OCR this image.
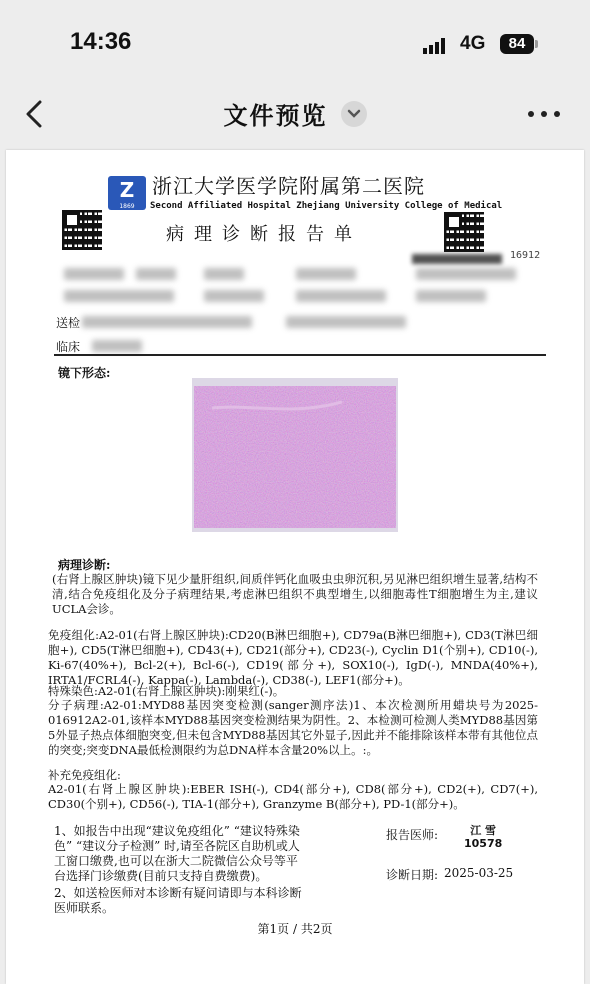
14:36	4G	84
文件预览
Z
1869
浙江大学医学院附属第二医院
Second Affiliated Hospital Zhejiang University College of Medical
病理诊断报告单
16912
送检
临床
镜下形态:
病理诊断:
(右肾上腺区肿块)镜下见少量肝组织,间质伴钙化血吸虫虫卵沉积,另见淋巴组织增生显著,结构不清,结合免疫组化及分子病理结果,考虑淋巴组织不典型增生,以细胞毒性T细胞增生为主,建议UCLA会诊。
免疫组化:A2-01(右肾上腺区肿块):CD20(B淋巴细胞+), CD79a(B淋巴细胞+), CD3(T淋巴细胞+), CD5(T淋巴细胞+), CD43(+), CD21(部分+), CD23(-), Cyclin D1(个别+), CD10(-), Ki-67(40%+), Bcl-2(+), Bcl-6(-), CD19(部分+), SOX10(-), IgD(-), MNDA(40%+), IRTA1/FCRL4(-), Kappa(-), Lambda(-), CD38(-), LEF1(部分+)。
特殊染色:A2-01(右肾上腺区肿块):刚果红(-)。
分子病理:A2-01:MYD88基因突变检测(sanger测序法)1、本次检测所用蜡块号为2025-016912A2-01,该样本MYD88基因突变检测结果为阴性。2、本检测可检测人类MYD88基因第5外显子热点体细胞突变,但未包含MYD88基因其它外显子,因此并不能排除该样本带有其他位点的突变;突变DNA最低检测限约为总DNA样本含量20%以上。:。
补充免疫组化:
A2-01(右肾上腺区肿块):EBER ISH(-), CD4(部分+), CD8(部分+), CD2(+), CD7(+), CD30(个别+), CD56(-), TIA-1(部分+), Granzyme B(部分+), PD-1(部分+)。
1、如报告中出现“建议免疫组化” “建议特殊染色” “建议分子检测” 时,请至各院区自助机或人工窗口缴费,也可以在浙大二院微信公众号等平台选择门诊缴费(目前只支持自费缴费)。
2、如送检医师对本诊断有疑问请即与本科诊断医师联系。
报告医师:	江 雪
10578
诊断日期: 2025-03-25
第1页 / 共2页
